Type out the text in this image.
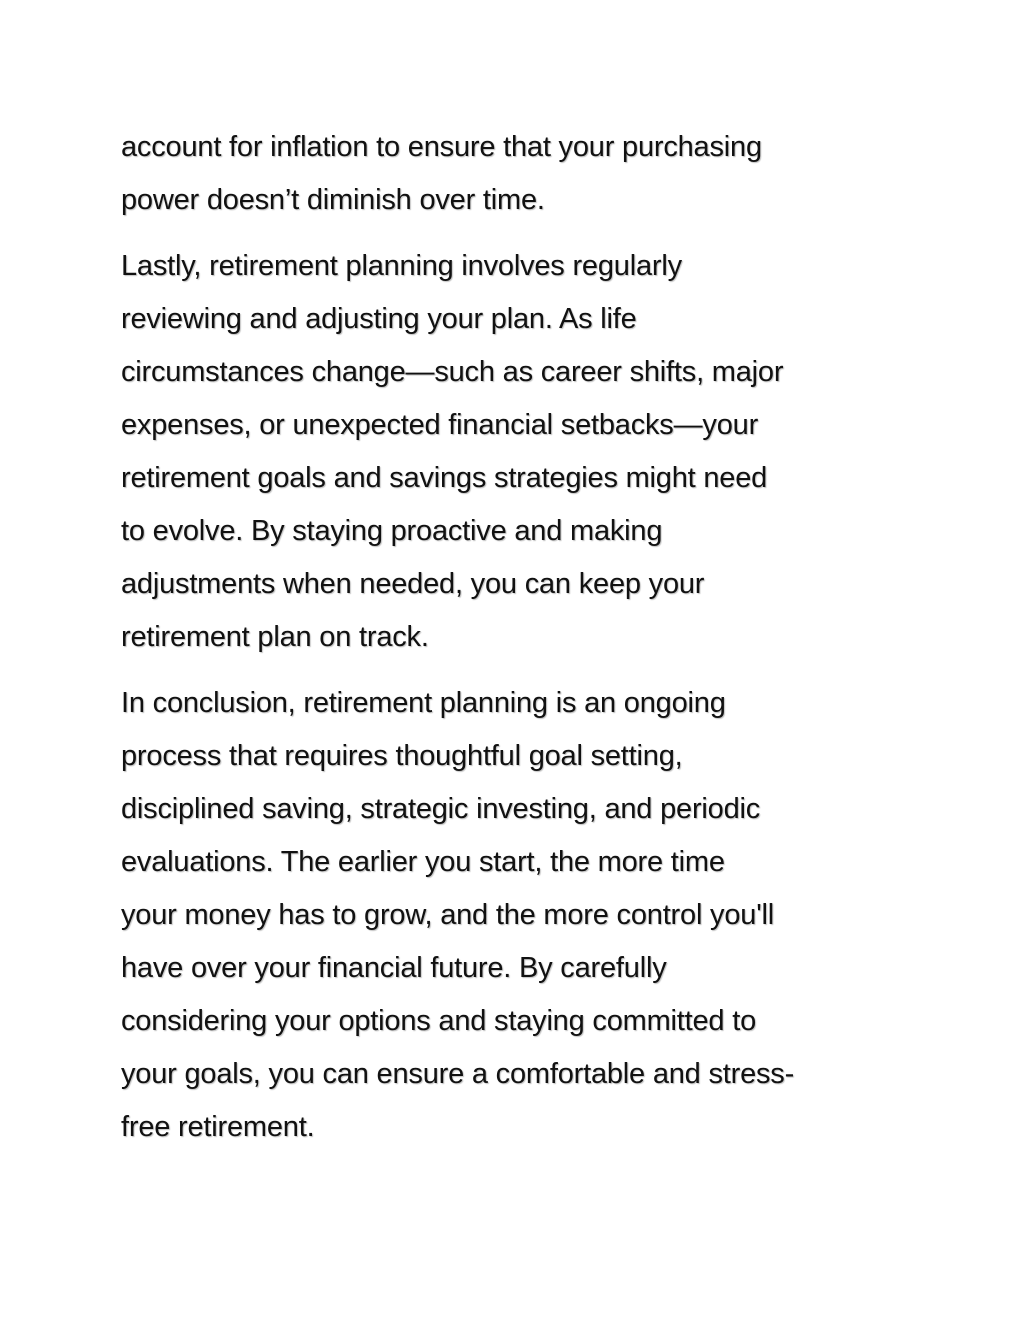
account for inflation to ensure that your purchasing
power doesn’t diminish over time.

Lastly, retirement planning involves regularly
reviewing and adjusting your plan. As life
circumstances change—such as career shifts, major
expenses, or unexpected financial setbacks—your
retirement goals and savings strategies might need
to evolve. By staying proactive and making
adjustments when needed, you can keep your
retirement plan on track.

In conclusion, retirement planning is an ongoing
process that requires thoughtful goal setting,
disciplined saving, strategic investing, and periodic
evaluations. The earlier you start, the more time
your money has to grow, and the more control you'll
have over your financial future. By carefully
considering your options and staying committed to
your goals, you can ensure a comfortable and stress-
free retirement.
